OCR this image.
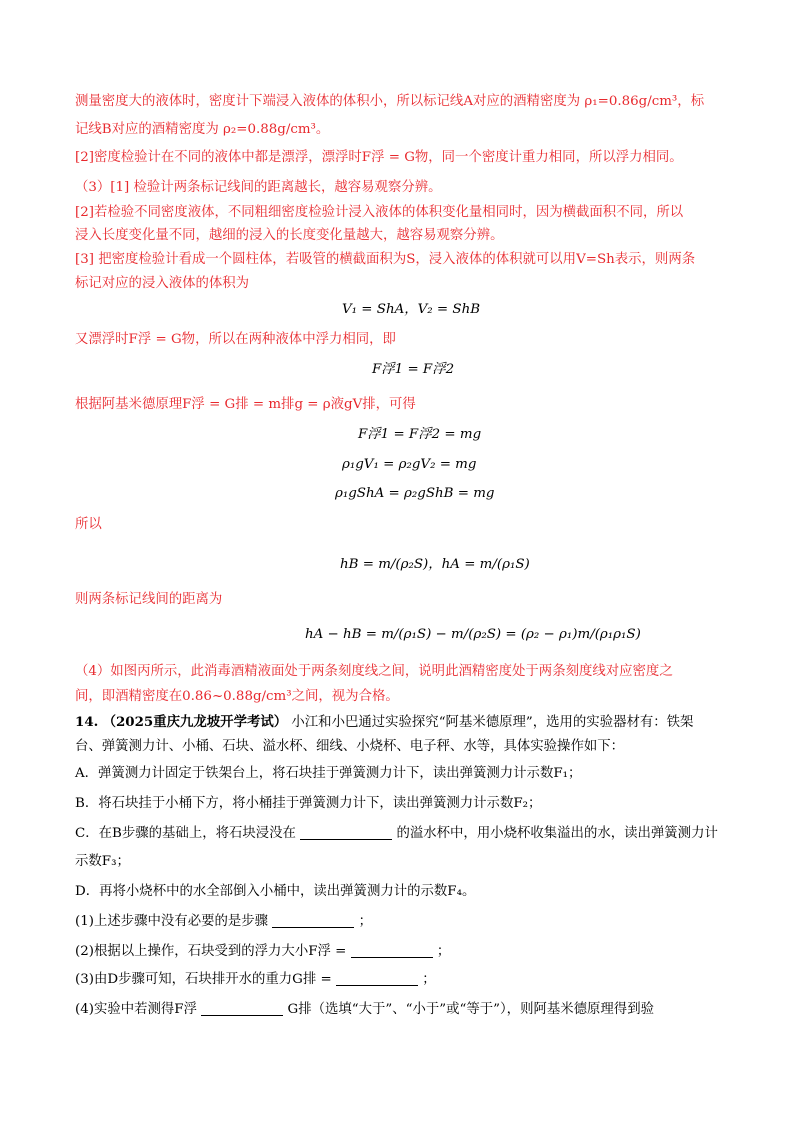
测量密度大的液体时，密度计下端浸入液体的体积小，所以标记线A对应的酒精密度为 ρ₁=0.86g/cm³，标
记线B对应的酒精密度为 ρ₂=0.88g/cm³。
[2]密度检验计在不同的液体中都是漂浮，漂浮时F浮 = G物，同一个密度计重力相同，所以浮力相同。
（3）[1] 检验计两条标记线间的距离越长，越容易观察分辨。
[2]若检验不同密度液体，不同粗细密度检验计浸入液体的体积变化量相同时，因为横截面积不同，所以
浸入长度变化量不同，越细的浸入的长度变化量越大，越容易观察分辨。
[3] 把密度检验计看成一个圆柱体，若吸管的横截面积为S，浸入液体的体积就可以用V=Sh表示，则两条
标记对应的浸入液体的体积为
V₁ = ShA，V₂ = ShB
又漂浮时F浮 = G物，所以在两种液体中浮力相同，即
F浮1 = F浮2
根据阿基米德原理F浮 = G排 = m排g = ρ液gV排，可得
F浮1 = F浮2 = mg
ρ₁gV₁ = ρ₂gV₂ = mg
ρ₁gShA = ρ₂gShB = mg
所以
hB = m/(ρ₂S)，hA = m/(ρ₁S)
则两条标记线间的距离为
hA − hB = m/(ρ₁S) − m/(ρ₂S) = (ρ₂ − ρ₁)m/(ρ₁ρ₁S)
（4）如图丙所示，此消毒酒精液面处于两条刻度线之间，说明此酒精密度处于两条刻度线对应密度之
间，即酒精密度在0.86~0.88g/cm³之间，视为合格。
14. （2025重庆九龙坡开学考试） 小江和小巴通过实验探究“阿基米德原理”，选用的实验器材有：铁架
台、弹簧测力计、小桶、石块、溢水杯、细线、小烧杯、电子秤、水等，具体实验操作如下：
A．弹簧测力计固定于铁架台上，将石块挂于弹簧测力计下，读出弹簧测力计示数F₁；
B．将石块挂于小桶下方，将小桶挂于弹簧测力计下，读出弹簧测力计示数F₂；
C．在B步骤的基础上，将石块浸没在	的溢水杯中，用小烧杯收集溢出的水，读出弹簧测力计
示数F₃；
D．再将小烧杯中的水全部倒入小桶中，读出弹簧测力计的示数F₄。
(1)上述步骤中没有必要的是步骤	；
(2)根据以上操作，石块受到的浮力大小F浮 =	；
(3)由D步骤可知，石块排开水的重力G排 =	；
(4)实验中若测得F浮	G排（选填“大于”、“小于”或“等于”），则阿基米德原理得到验
